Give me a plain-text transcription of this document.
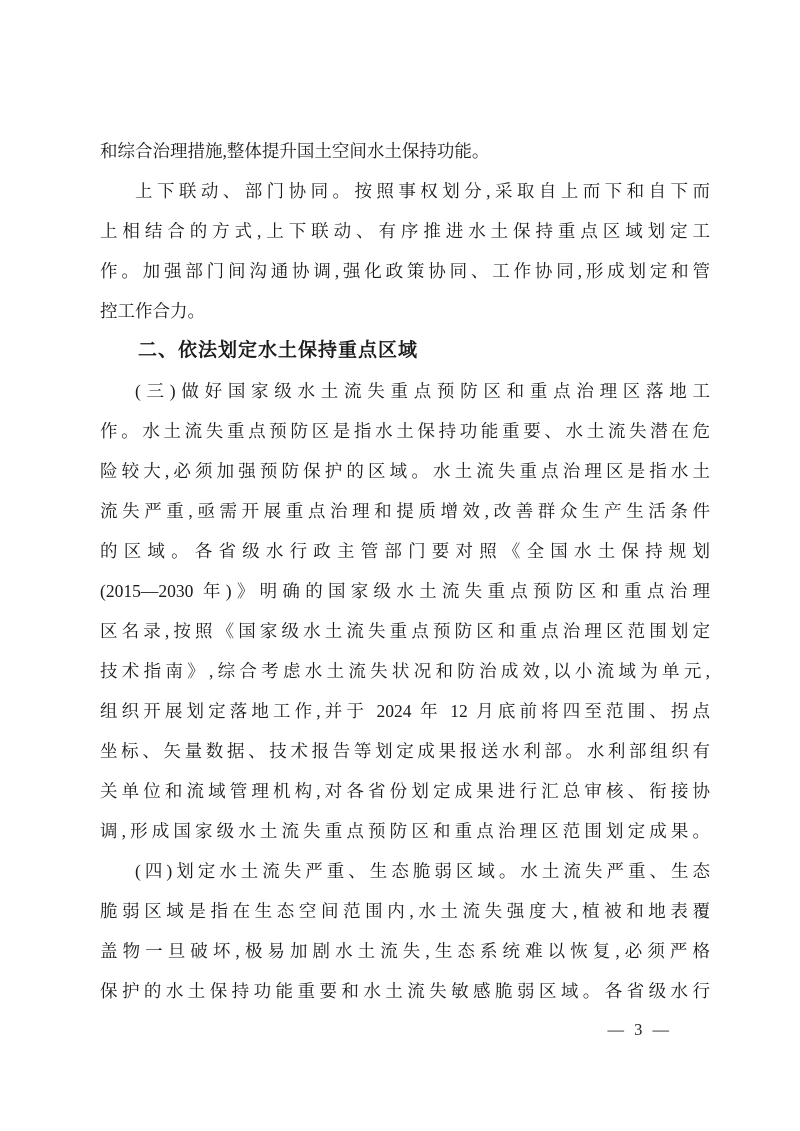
和综合治理措施,整体提升国土空间水土保持功能。
上下联动、部门协同。按照事权划分,采取自上而下和自下而
上相结合的方式,上下联动、有序推进水土保持重点区域划定工
作。加强部门间沟通协调,强化政策协同、工作协同,形成划定和管
控工作合力。
二、依法划定水土保持重点区域
(三)做好国家级水土流失重点预防区和重点治理区落地工
作。水土流失重点预防区是指水土保持功能重要、水土流失潜在危
险较大,必须加强预防保护的区域。水土流失重点治理区是指水土
流失严重,亟需开展重点治理和提质增效,改善群众生产生活条件
的区域。各省级水行政主管部门要对照《全国水土保持规划
(2015—2030 年)》明确的国家级水土流失重点预防区和重点治理
区名录,按照《国家级水土流失重点预防区和重点治理区范围划定
技术指南》,综合考虑水土流失状况和防治成效,以小流域为单元,
组织开展划定落地工作,并于 2024 年 12 月底前将四至范围、拐点
坐标、矢量数据、技术报告等划定成果报送水利部。水利部组织有
关单位和流域管理机构,对各省份划定成果进行汇总审核、衔接协
调,形成国家级水土流失重点预防区和重点治理区范围划定成果。
(四)划定水土流失严重、生态脆弱区域。水土流失严重、生态
脆弱区域是指在生态空间范围内,水土流失强度大,植被和地表覆
盖物一旦破坏,极易加剧水土流失,生态系统难以恢复,必须严格
保护的水土保持功能重要和水土流失敏感脆弱区域。各省级水行
— 3 —
